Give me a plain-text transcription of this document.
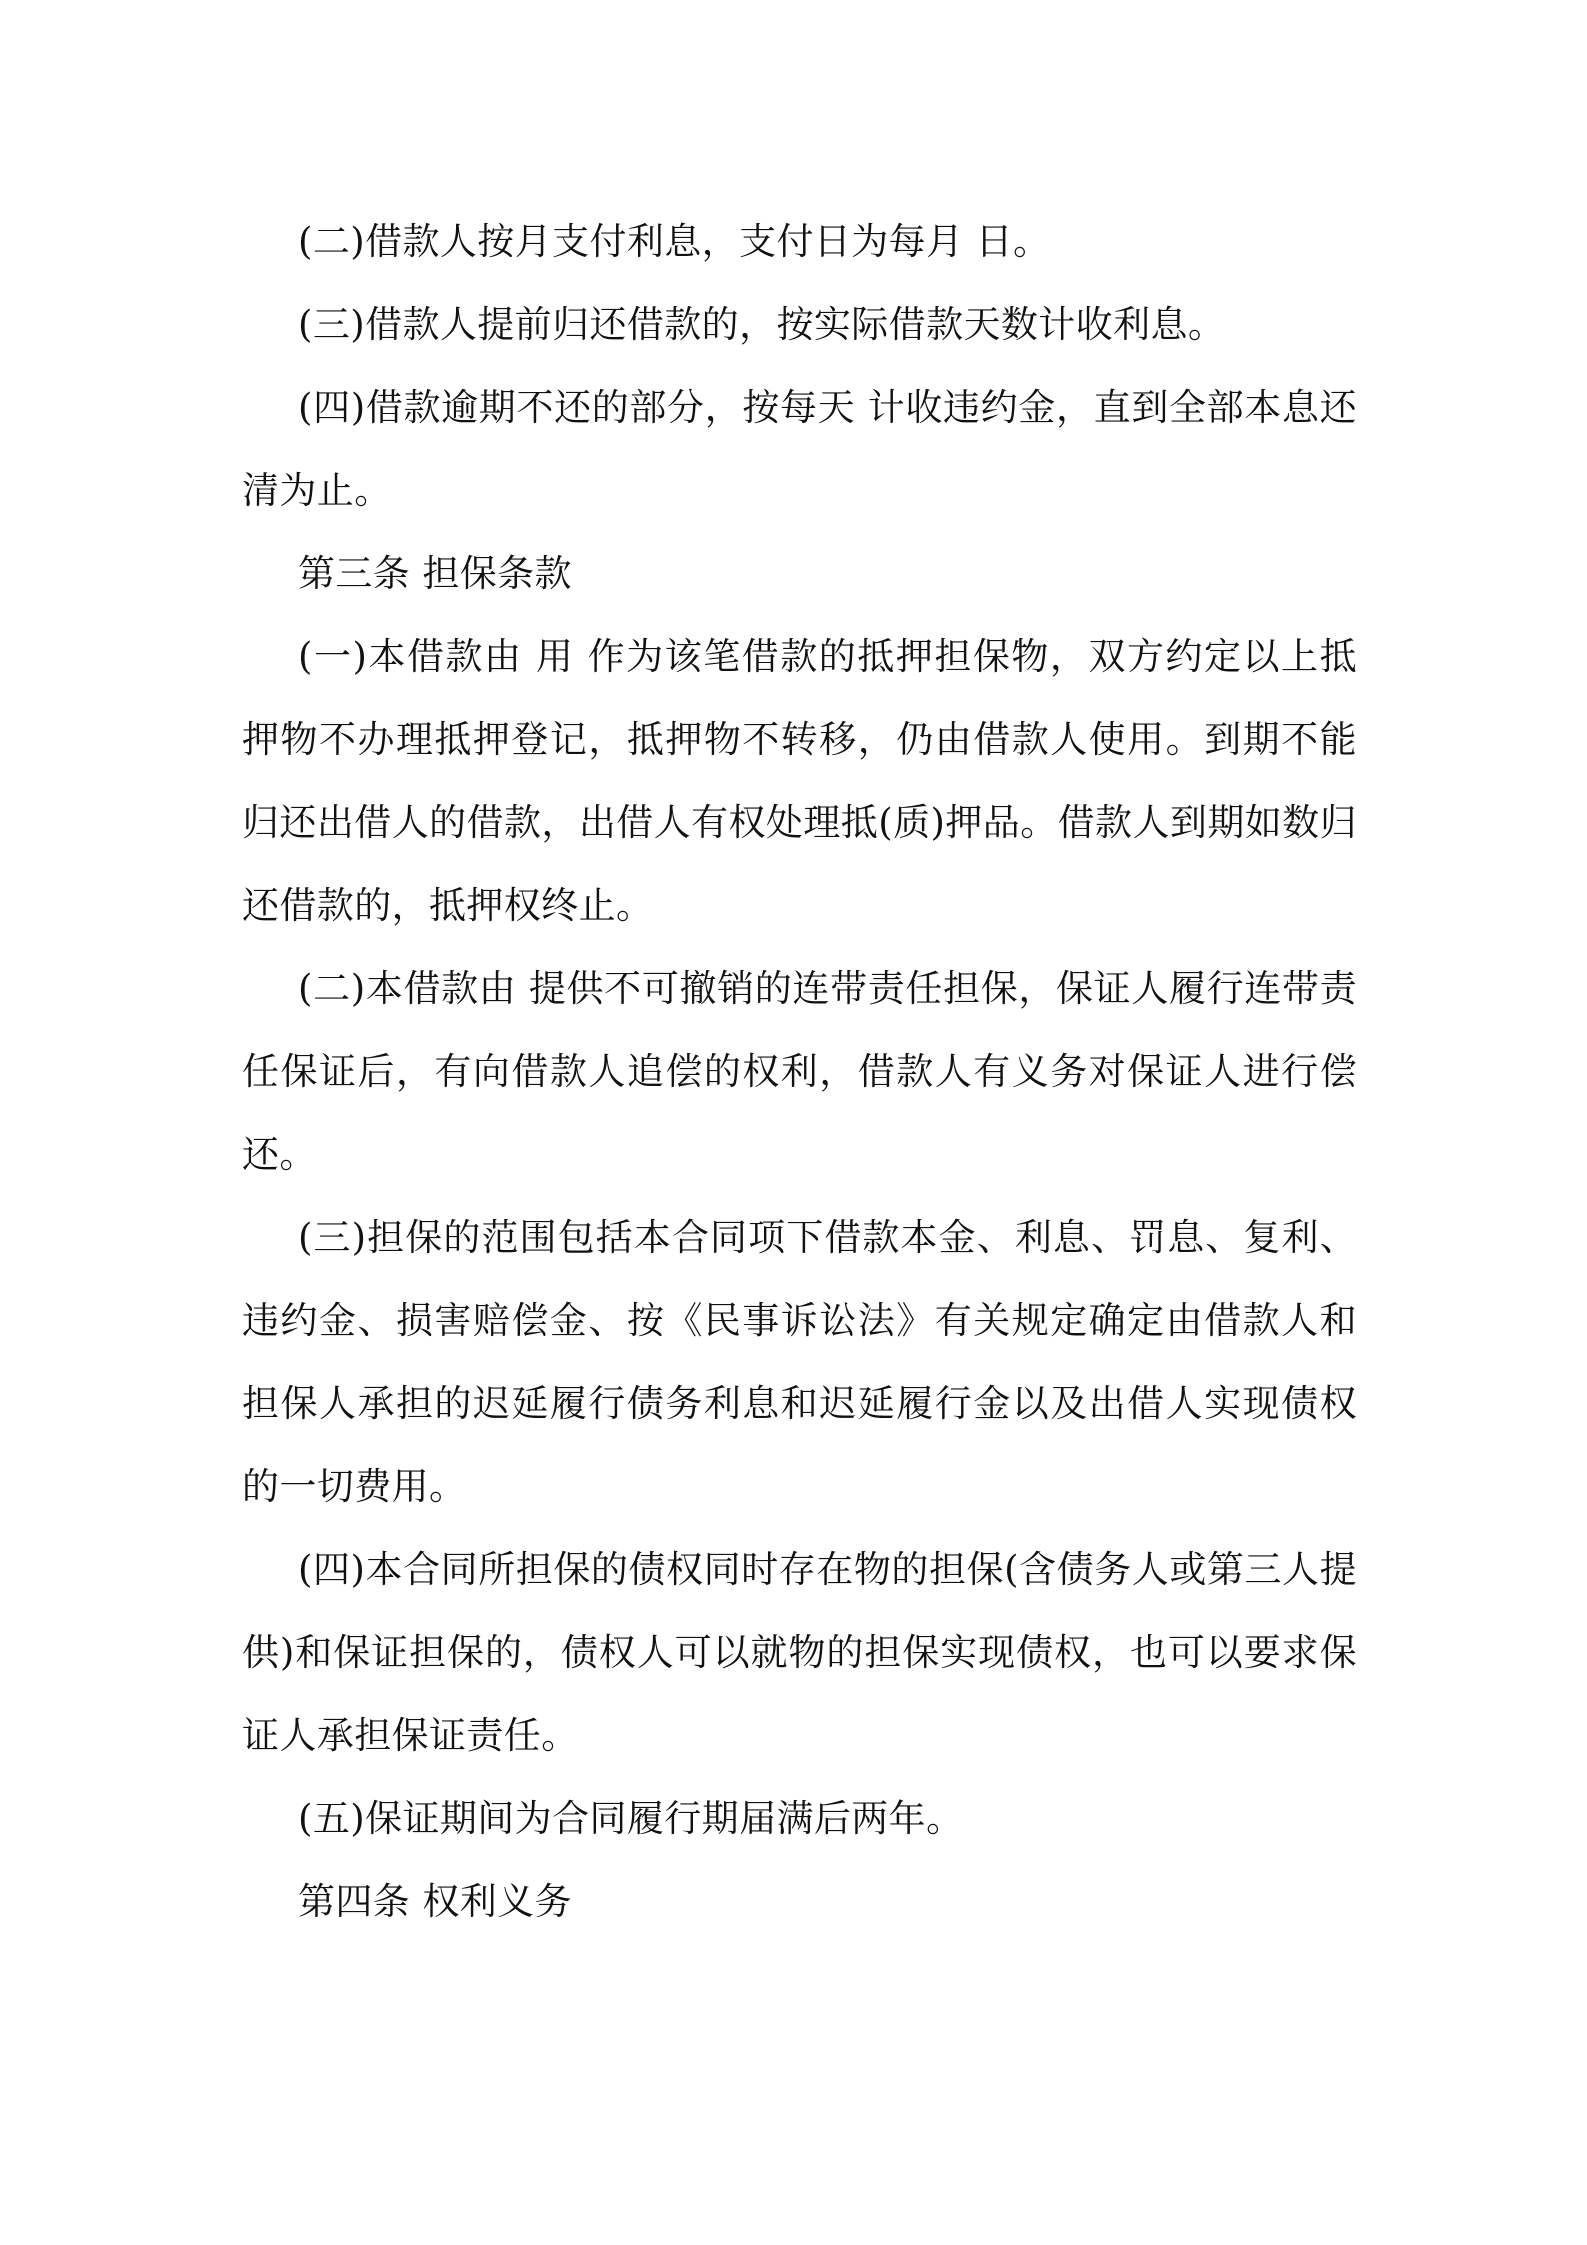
(二)借款人按月支付利息，支付日为每月 日。

(三)借款人提前归还借款的，按实际借款天数计收利息。

(四)借款逾期不还的部分，按每天 计收违约金，直到全部本息还清为止。

第三条 担保条款

(一)本借款由 用 作为该笔借款的抵押担保物，双方约定以上抵押物不办理抵押登记，抵押物不转移，仍由借款人使用。到期不能归还出借人的借款，出借人有权处理抵(质)押品。借款人到期如数归还借款的，抵押权终止。

(二)本借款由 提供不可撤销的连带责任担保，保证人履行连带责任保证后，有向借款人追偿的权利，借款人有义务对保证人进行偿还。

(三)担保的范围包括本合同项下借款本金、利息、罚息、复利、违约金、损害赔偿金、按《民事诉讼法》有关规定确定由借款人和担保人承担的迟延履行债务利息和迟延履行金以及出借人实现债权的一切费用。

(四)本合同所担保的债权同时存在物的担保(含债务人或第三人提供)和保证担保的，债权人可以就物的担保实现债权，也可以要求保证人承担保证责任。

(五)保证期间为合同履行期届满后两年。

第四条 权利义务
